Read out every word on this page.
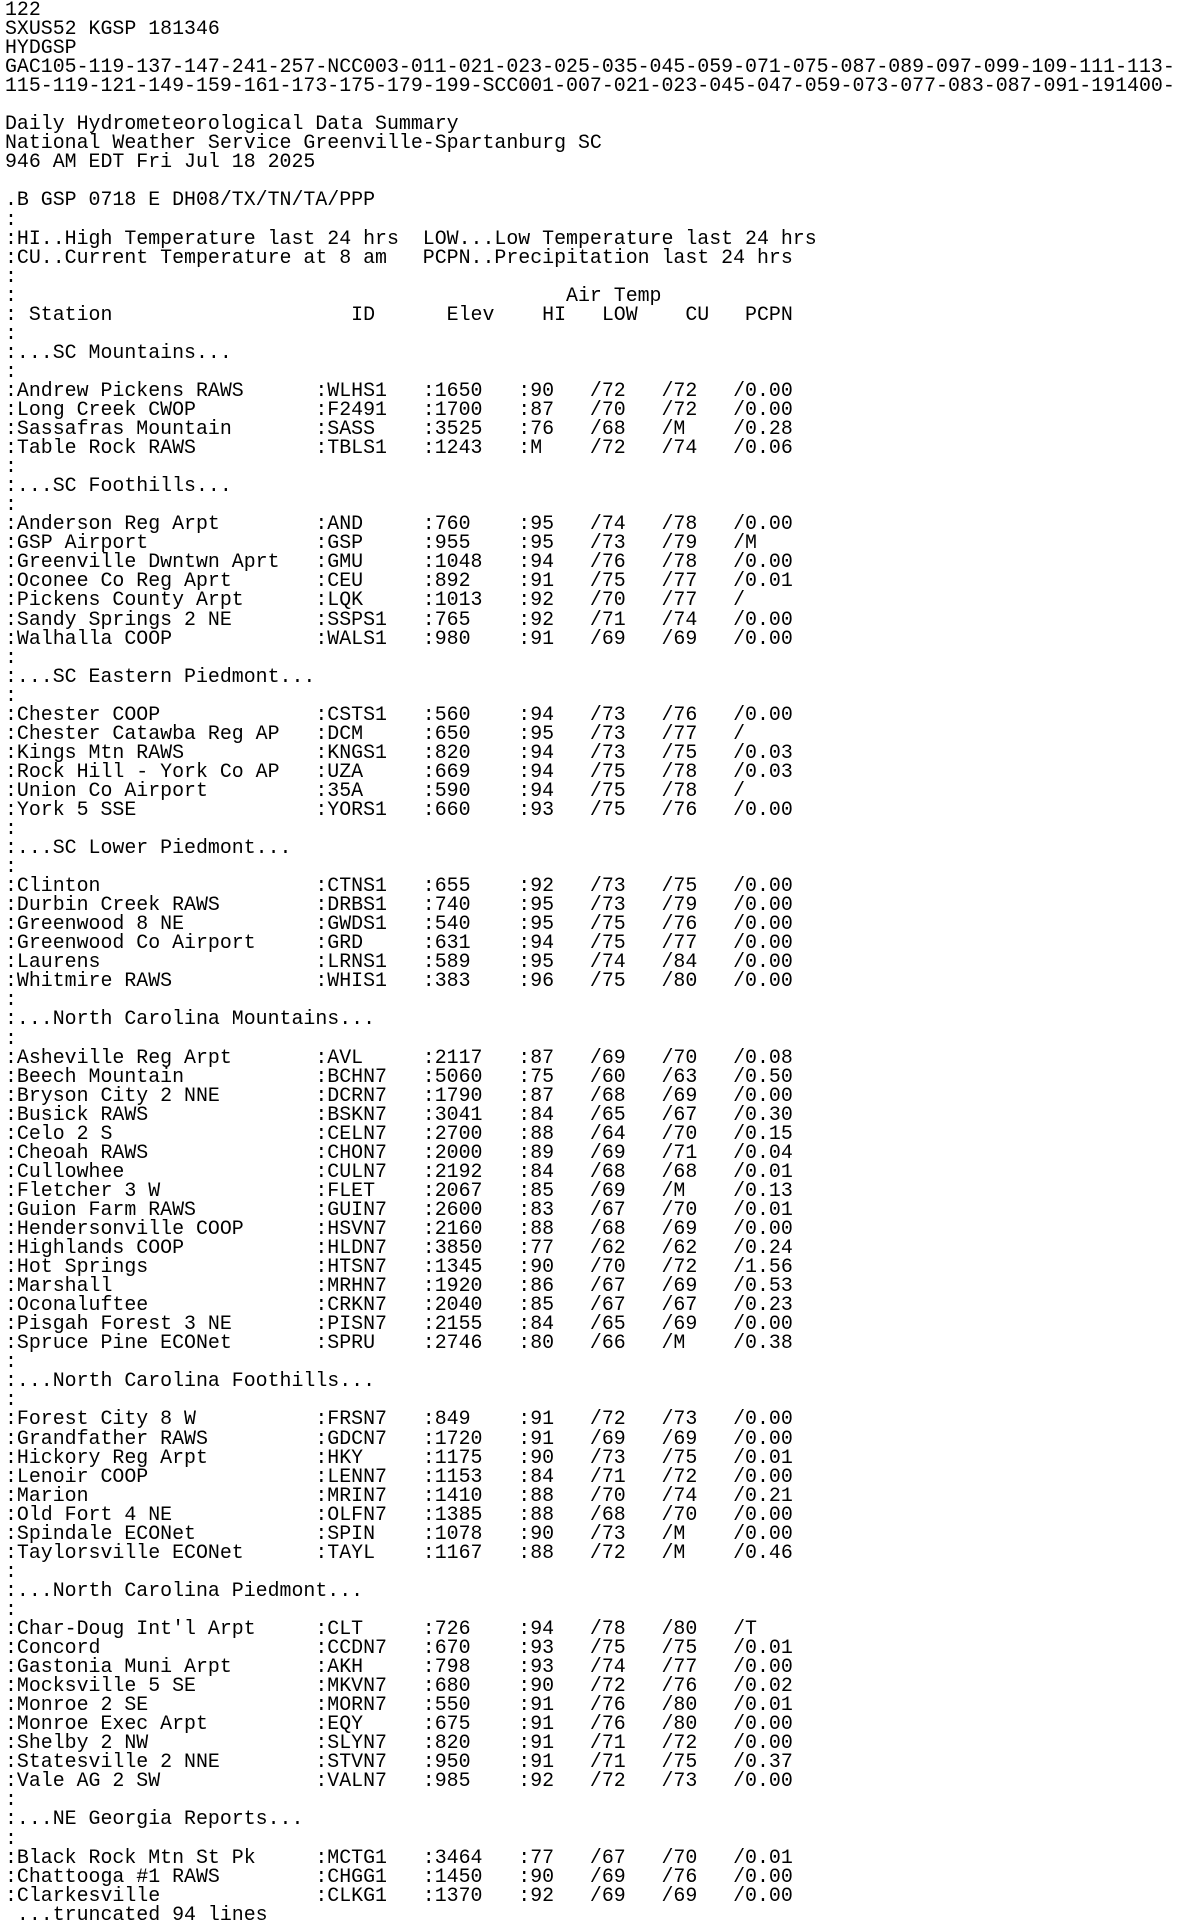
122
SXUS52 KGSP 181346
HYDGSP
GAC105-119-137-147-241-257-NCC003-011-021-023-025-035-045-059-071-075-087-089-097-099-109-111-113-
115-119-121-149-159-161-173-175-179-199-SCC001-007-021-023-045-047-059-073-077-083-087-091-191400-
Daily Hydrometeorological Data Summary
National Weather Service Greenville-Spartanburg SC
946 AM EDT Fri Jul 18 2025
.B GSP 0718 E DH08/TX/TN/TA/PPP
:
:HI..High Temperature last 24 hrs  LOW...Low Temperature last 24 hrs
:CU..Current Temperature at 8 am   PCPN..Precipitation last 24 hrs
:
:                                              Air Temp
: Station                    ID      Elev    HI   LOW    CU   PCPN
:
:...SC Mountains...
:
:Andrew Pickens RAWS      :WLHS1   :1650   :90   /72   /72   /0.00
:Long Creek CWOP          :F2491   :1700   :87   /70   /72   /0.00
:Sassafras Mountain       :SASS    :3525   :76   /68   /M    /0.28
:Table Rock RAWS          :TBLS1   :1243   :M    /72   /74   /0.06
:
:...SC Foothills...
:
:Anderson Reg Arpt        :AND     :760    :95   /74   /78   /0.00
:GSP Airport              :GSP     :955    :95   /73   /79   /M
:Greenville Dwntwn Aprt   :GMU     :1048   :94   /76   /78   /0.00
:Oconee Co Reg Aprt       :CEU     :892    :91   /75   /77   /0.01
:Pickens County Arpt      :LQK     :1013   :92   /70   /77   /
:Sandy Springs 2 NE       :SSPS1   :765    :92   /71   /74   /0.00
:Walhalla COOP            :WALS1   :980    :91   /69   /69   /0.00
:
:...SC Eastern Piedmont...
:
:Chester COOP             :CSTS1   :560    :94   /73   /76   /0.00
:Chester Catawba Reg AP   :DCM     :650    :95   /73   /77   /
:Kings Mtn RAWS           :KNGS1   :820    :94   /73   /75   /0.03
:Rock Hill - York Co AP   :UZA     :669    :94   /75   /78   /0.03
:Union Co Airport         :35A     :590    :94   /75   /78   /
:York 5 SSE               :YORS1   :660    :93   /75   /76   /0.00
:
:...SC Lower Piedmont...
:
:Clinton                  :CTNS1   :655    :92   /73   /75   /0.00
:Durbin Creek RAWS        :DRBS1   :740    :95   /73   /79   /0.00
:Greenwood 8 NE           :GWDS1   :540    :95   /75   /76   /0.00
:Greenwood Co Airport     :GRD     :631    :94   /75   /77   /0.00
:Laurens                  :LRNS1   :589    :95   /74   /84   /0.00
:Whitmire RAWS            :WHIS1   :383    :96   /75   /80   /0.00
:
:...North Carolina Mountains...
:
:Asheville Reg Arpt       :AVL     :2117   :87   /69   /70   /0.08
:Beech Mountain           :BCHN7   :5060   :75   /60   /63   /0.50
:Bryson City 2 NNE        :DCRN7   :1790   :87   /68   /69   /0.00
:Busick RAWS              :BSKN7   :3041   :84   /65   /67   /0.30
:Celo 2 S                 :CELN7   :2700   :88   /64   /70   /0.15
:Cheoah RAWS              :CHON7   :2000   :89   /69   /71   /0.04
:Cullowhee                :CULN7   :2192   :84   /68   /68   /0.01
:Fletcher 3 W             :FLET    :2067   :85   /69   /M    /0.13
:Guion Farm RAWS          :GUIN7   :2600   :83   /67   /70   /0.01
:Hendersonville COOP      :HSVN7   :2160   :88   /68   /69   /0.00
:Highlands COOP           :HLDN7   :3850   :77   /62   /62   /0.24
:Hot Springs              :HTSN7   :1345   :90   /70   /72   /1.56
:Marshall                 :MRHN7   :1920   :86   /67   /69   /0.53
:Oconaluftee              :CRKN7   :2040   :85   /67   /67   /0.23
:Pisgah Forest 3 NE       :PISN7   :2155   :84   /65   /69   /0.00
:Spruce Pine ECONet       :SPRU    :2746   :80   /66   /M    /0.38
:
:...North Carolina Foothills...
:
:Forest City 8 W          :FRSN7   :849    :91   /72   /73   /0.00
:Grandfather RAWS         :GDCN7   :1720   :91   /69   /69   /0.00
:Hickory Reg Arpt         :HKY     :1175   :90   /73   /75   /0.01
:Lenoir COOP              :LENN7   :1153   :84   /71   /72   /0.00
:Marion                   :MRIN7   :1410   :88   /70   /74   /0.21
:Old Fort 4 NE            :OLFN7   :1385   :88   /68   /70   /0.00
:Spindale ECONet          :SPIN    :1078   :90   /73   /M    /0.00
:Taylorsville ECONet      :TAYL    :1167   :88   /72   /M    /0.46
:
:...North Carolina Piedmont...
:
:Char-Doug Int'l Arpt     :CLT     :726    :94   /78   /80   /T
:Concord                  :CCDN7   :670    :93   /75   /75   /0.01
:Gastonia Muni Arpt       :AKH     :798    :93   /74   /77   /0.00
:Mocksville 5 SE          :MKVN7   :680    :90   /72   /76   /0.02
:Monroe 2 SE              :MORN7   :550    :91   /76   /80   /0.01
:Monroe Exec Arpt         :EQY     :675    :91   /76   /80   /0.00
:Shelby 2 NW              :SLYN7   :820    :91   /71   /72   /0.00
:Statesville 2 NNE        :STVN7   :950    :91   /71   /75   /0.37
:Vale AG 2 SW             :VALN7   :985    :92   /72   /73   /0.00
:
:...NE Georgia Reports...
:
:Black Rock Mtn St Pk     :MCTG1   :3464   :77   /67   /70   /0.01
:Chattooga #1 RAWS        :CHGG1   :1450   :90   /69   /76   /0.00
:Clarkesville             :CLKG1   :1370   :92   /69   /69   /0.00
...truncated 94 lines
